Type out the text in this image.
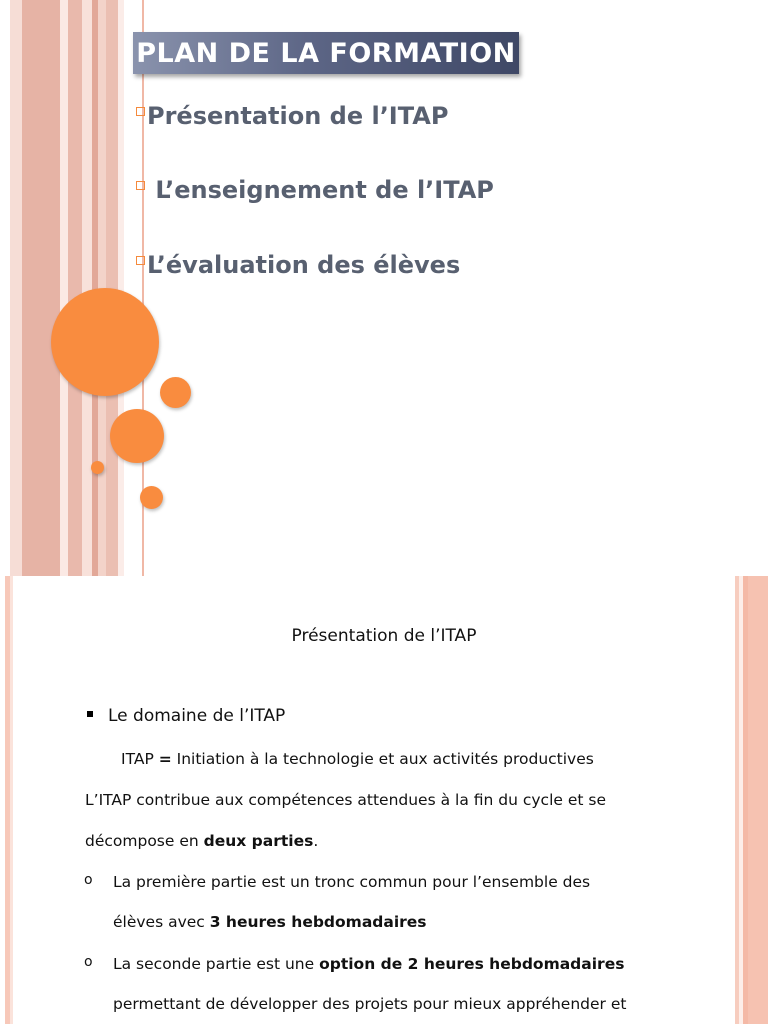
PLAN DE LA FORMATION
Présentation de l’ITAP
L’enseignement de l’ITAP
L’évaluation des élèves
Présentation de l’ITAP
Le domaine de l’ITAP
ITAP = Initiation à la technologie et aux activités productives
L’ITAP contribue aux compétences attendues à la fin du cycle et se
décompose en deux parties.
o La première partie est un tronc commun pour l’ensemble des
élèves avec 3 heures hebdomadaires
o La seconde partie est une option de 2 heures hebdomadaires
permettant de développer des projets pour mieux appréhender et
